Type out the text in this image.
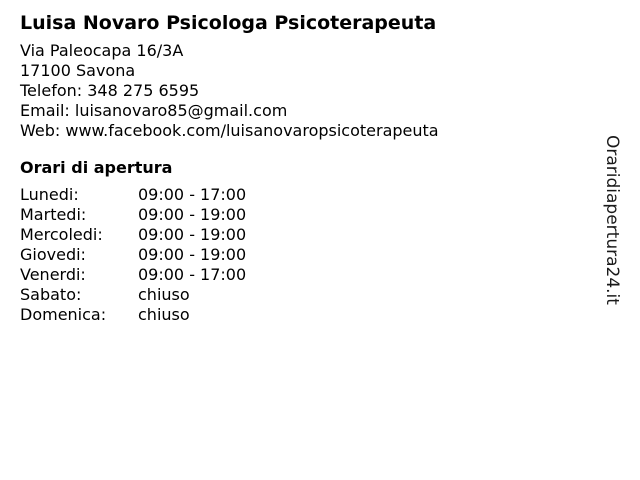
Luisa Novaro Psicologa Psicoterapeuta
Via Paleocapa 16/3A
17100 Savona
Telefon: 348 275 6595
Email: luisanovaro85@gmail.com
Web: www.facebook.com/luisanovaropsicoterapeuta
Orari di apertura
Lunedi:	09:00 - 17:00
Martedi:	09:00 - 19:00
Mercoledi:	09:00 - 19:00
Giovedi:	09:00 - 19:00
Venerdi:	09:00 - 17:00
Sabato:	chiuso
Domenica:	chiuso
Oraridiapertura24.it
